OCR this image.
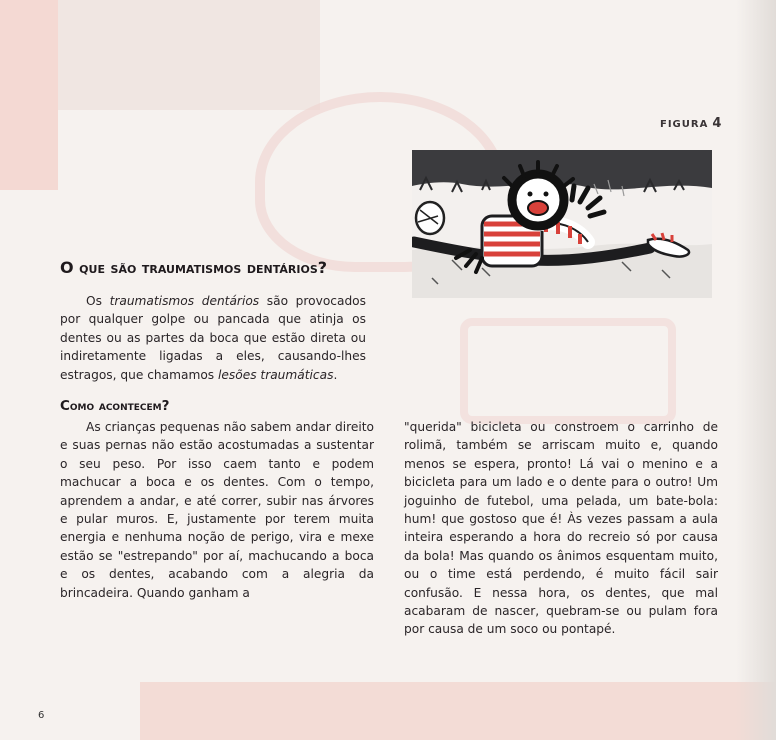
FIGURA 4
O que são traumatismos dentários?

Os traumatismos dentários são provocados por qualquer golpe ou pancada que atinja os dentes ou as partes da boca que estão direta ou indiretamente ligadas a eles, causando-lhes estragos, que chamamos lesões traumáticas.

Como acontecem?

As crianças pequenas não sabem andar direito e suas pernas não estão acostumadas a sustentar o seu peso. Por isso caem tanto e podem machucar a boca e os dentes. Com o tempo, aprendem a andar, e até correr, subir nas árvores e pular muros. E, justamente por terem muita energia e nenhuma noção de perigo, vira e mexe estão se "estrepando" por aí, machucando a boca e os dentes, acabando com a alegria da brincadeira. Quando ganham a

"querida" bicicleta ou constroem o carrinho de rolimã, também se arriscam muito e, quando menos se espera, pronto! Lá vai o menino e a bicicleta para um lado e o dente para o outro! Um joguinho de futebol, uma pelada, um bate-bola: hum! que gostoso que é! Às vezes passam a aula inteira esperando a hora do recreio só por causa da bola! Mas quando os ânimos esquentam muito, ou o time está perdendo, é muito fácil sair confusão. E nessa hora, os dentes, que mal acabaram de nascer, quebram-se ou pulam fora por causa de um soco ou pontapé.

6
